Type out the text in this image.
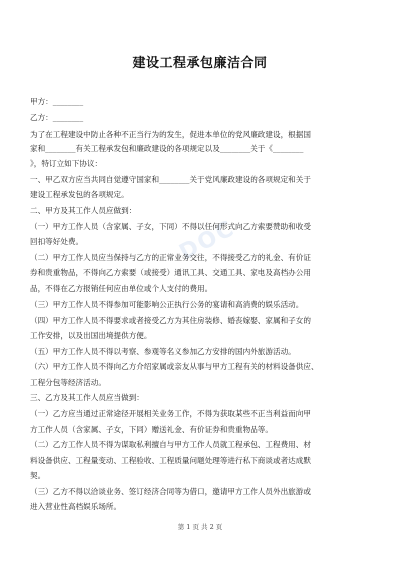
DOC
建设工程承包廉洁合同
甲方：________
乙方：________
为了在工程建设中防止各种不正当行为的发生，促进本单位的党风廉政建设，根据国
家和________有关工程承发包和廉政建设的各项规定以及________关于《________
》，特订立如下协议：
一、甲乙双方应当共同自觉遵守国家和________关于党风廉政建设的各项规定和关于
建设工程承发包的各项规定。
二、甲方及其工作人员应做到：
（一）甲方工作人员（含家属、子女，下同）不得以任何形式向乙方索要赞助和收受
回扣等好处费。
（二）甲方工作人员应当保持与乙方的正常业务交往，不得接受乙方的礼金、有价证
券和贵重物品，不得向乙方索要（或接受）通讯工具、交通工具、家电及高档办公用
品，不得在乙方报销任何应由单位或个人支付的费用。
（三）甲方工作人员不得参加可能影响公正执行公务的宴请和高消费的娱乐活动。
（四）甲方工作人员不得要求或者接受乙方为其住房装修、婚丧嫁娶、家属和子女的
工作安排，以及出国出境提供方便。
（五）甲方工作人员不得以考察、参观等名义参加乙方安排的国内外旅游活动。
（六）甲方工作人员不得向乙方介绍家属或亲友从事与甲方工程有关的材料设备供应、
工程分包等经济活动。
三、乙方及其工作人员应当做到：
（一）乙方应当通过正常途径开展相关业务工作，不得为获取某些不正当利益而向甲
方工作人员（含家属、子女，下同）赠送礼金、有价证券和贵重物品等。
（二）乙方工作人员不得为谋取私利擅自与甲方工作人员就工程承包、工程费用、材
料设备供应、工程量变动、工程验收、工程质量问题处理等进行私下商谈或者达成默
契。
（三）乙方不得以洽谈业务、签订经济合同等为借口，邀请甲方工作人员外出旅游或
进入营业性高档娱乐场所。
第 1 页 共 2 页
